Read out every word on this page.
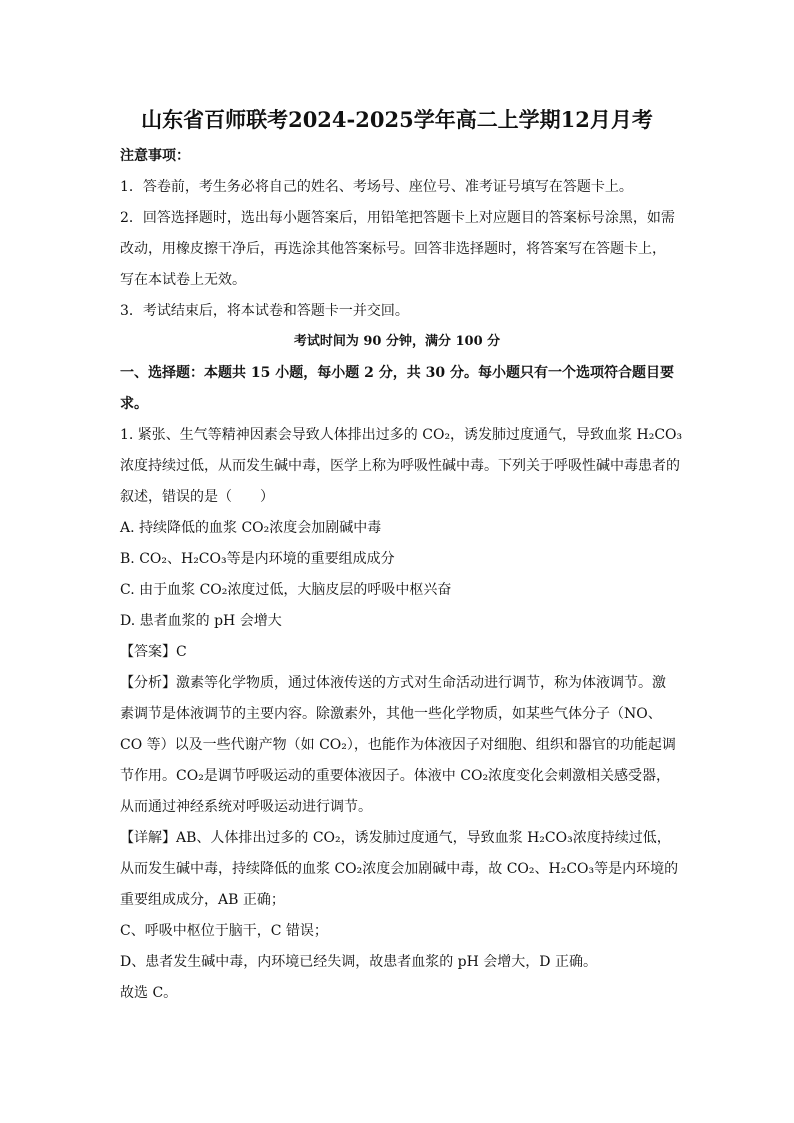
山东省百师联考2024-2025学年高二上学期12月月考
注意事项：
1．答卷前，考生务必将自己的姓名、考场号、座位号、准考证号填写在答题卡上。
2．回答选择题时，选出每小题答案后，用铅笔把答题卡上对应题目的答案标号涂黑，如需
改动，用橡皮擦干净后，再选涂其他答案标号。回答非选择题时，将答案写在答题卡上，
写在本试卷上无效。
3．考试结束后，将本试卷和答题卡一并交回。
考试时间为 90 分钟，满分 100 分
一、选择题：本题共 15 小题，每小题 2 分，共 30 分。每小题只有一个选项符合题目要
求。
1. 紧张、生气等精神因素会导致人体排出过多的 CO₂，诱发肺过度通气，导致血浆 H₂CO₃
浓度持续过低，从而发生碱中毒，医学上称为呼吸性碱中毒。下列关于呼吸性碱中毒患者的
叙述，错误的是（　　）
A. 持续降低的血浆 CO₂浓度会加剧碱中毒
B. CO₂、H₂CO₃等是内环境的重要组成成分
C. 由于血浆 CO₂浓度过低，大脑皮层的呼吸中枢兴奋
D. 患者血浆的 pH 会增大
【答案】C
【分析】激素等化学物质，通过体液传送的方式对生命活动进行调节，称为体液调节。激
素调节是体液调节的主要内容。除激素外，其他一些化学物质，如某些气体分子（NO、
CO 等）以及一些代谢产物（如 CO₂），也能作为体液因子对细胞、组织和器官的功能起调
节作用。CO₂是调节呼吸运动的重要体液因子。体液中 CO₂浓度变化会刺激相关感受器，
从而通过神经系统对呼吸运动进行调节。
【详解】AB、人体排出过多的 CO₂，诱发肺过度通气，导致血浆 H₂CO₃浓度持续过低，
从而发生碱中毒，持续降低的血浆 CO₂浓度会加剧碱中毒，故 CO₂、H₂CO₃等是内环境的
重要组成成分，AB 正确；
C、呼吸中枢位于脑干，C 错误；
D、患者发生碱中毒，内环境已经失调，故患者血浆的 pH 会增大，D 正确。
故选 C。
